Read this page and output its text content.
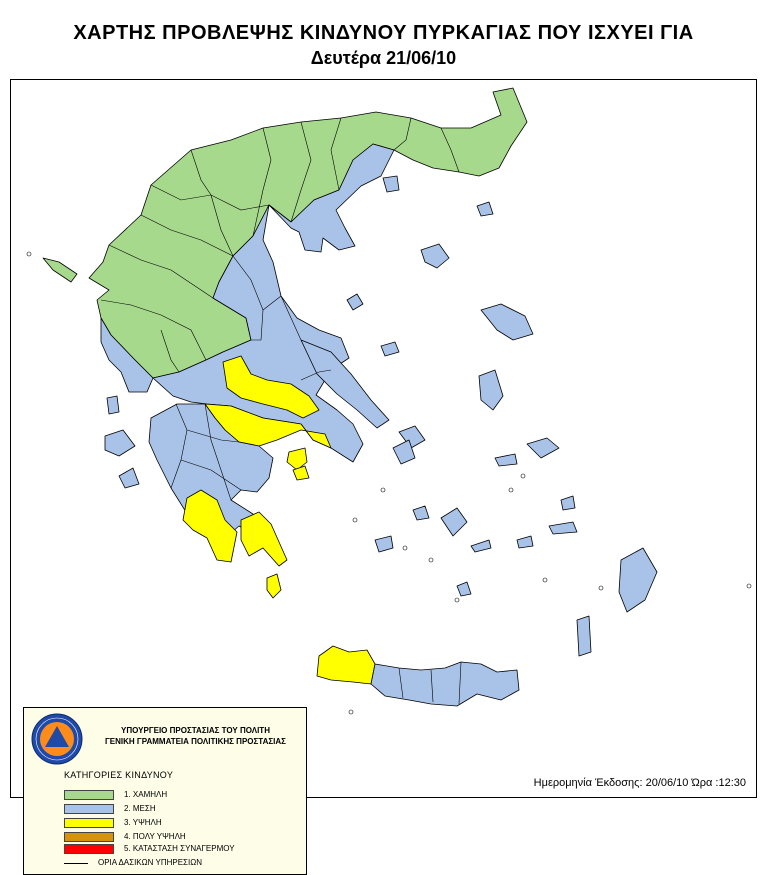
ΧΑΡΤΗΣ ΠΡΟΒΛΕΨΗΣ ΚΙΝΔΥΝΟΥ ΠΥΡΚΑΓΙΑΣ ΠΟΥ ΙΣΧΥΕΙ ΓΙΑ
Δευτέρα 21/06/10
ΥΠΟΥΡΓΕΙΟ ΠΡΟΣΤΑΣΙΑΣ ΤΟΥ ΠΟΛΙΤΗ
ΓΕΝΙΚΗ ΓΡΑΜΜΑΤΕΙΑ ΠΟΛΙΤΙΚΗΣ ΠΡΟΣΤΑΣΙΑΣ
ΚΑΤΗΓΟΡΙΕΣ ΚΙΝΔΥΝΟΥ
1. ΧΑΜΗΛΗ
2. ΜΕΣΗ
3. ΥΨΗΛΗ
4. ΠΟΛΥ ΥΨΗΛΗ
5. ΚΑΤΑΣΤΑΣΗ ΣΥΝΑΓΕΡΜΟΥ
ΟΡΙΑ ΔΑΣΙΚΩΝ ΥΠΗΡΕΣΙΩΝ
Ημερομηνία Έκδοσης: 20/06/10 Ώρα :12:30
